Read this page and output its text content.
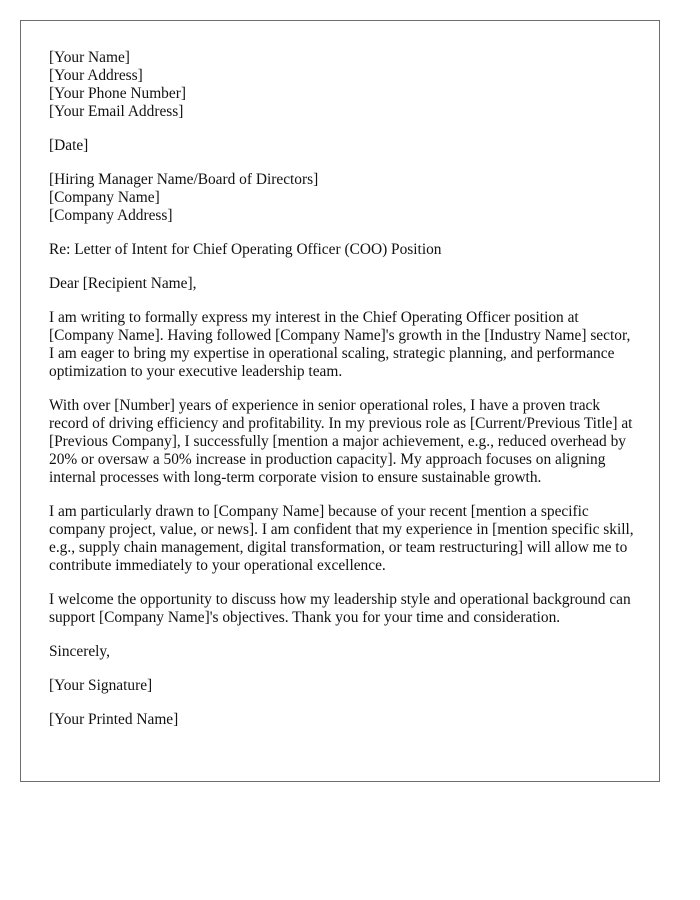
[Your Name]
[Your Address]
[Your Phone Number]
[Your Email Address]
[Date]
[Hiring Manager Name/Board of Directors]
[Company Name]
[Company Address]
Re: Letter of Intent for Chief Operating Officer (COO) Position
Dear [Recipient Name],

I am writing to formally express my interest in the Chief Operating Officer position at [Company Name]. Having followed [Company Name]'s growth in the [Industry Name] sector, I am eager to bring my expertise in operational scaling, strategic planning, and performance optimization to your executive leadership team.

With over [Number] years of experience in senior operational roles, I have a proven track record of driving efficiency and profitability. In my previous role as [Current/Previous Title] at [Previous Company], I successfully [mention a major achievement, e.g., reduced overhead by 20% or oversaw a 50% increase in production capacity]. My approach focuses on aligning internal processes with long-term corporate vision to ensure sustainable growth.

I am particularly drawn to [Company Name] because of your recent [mention a specific company project, value, or news]. I am confident that my experience in [mention specific skill, e.g., supply chain management, digital transformation, or team restructuring] will allow me to contribute immediately to your operational excellence.

I welcome the opportunity to discuss how my leadership style and operational background can support [Company Name]'s objectives. Thank you for your time and consideration.

Sincerely,
[Your Signature]
[Your Printed Name]
